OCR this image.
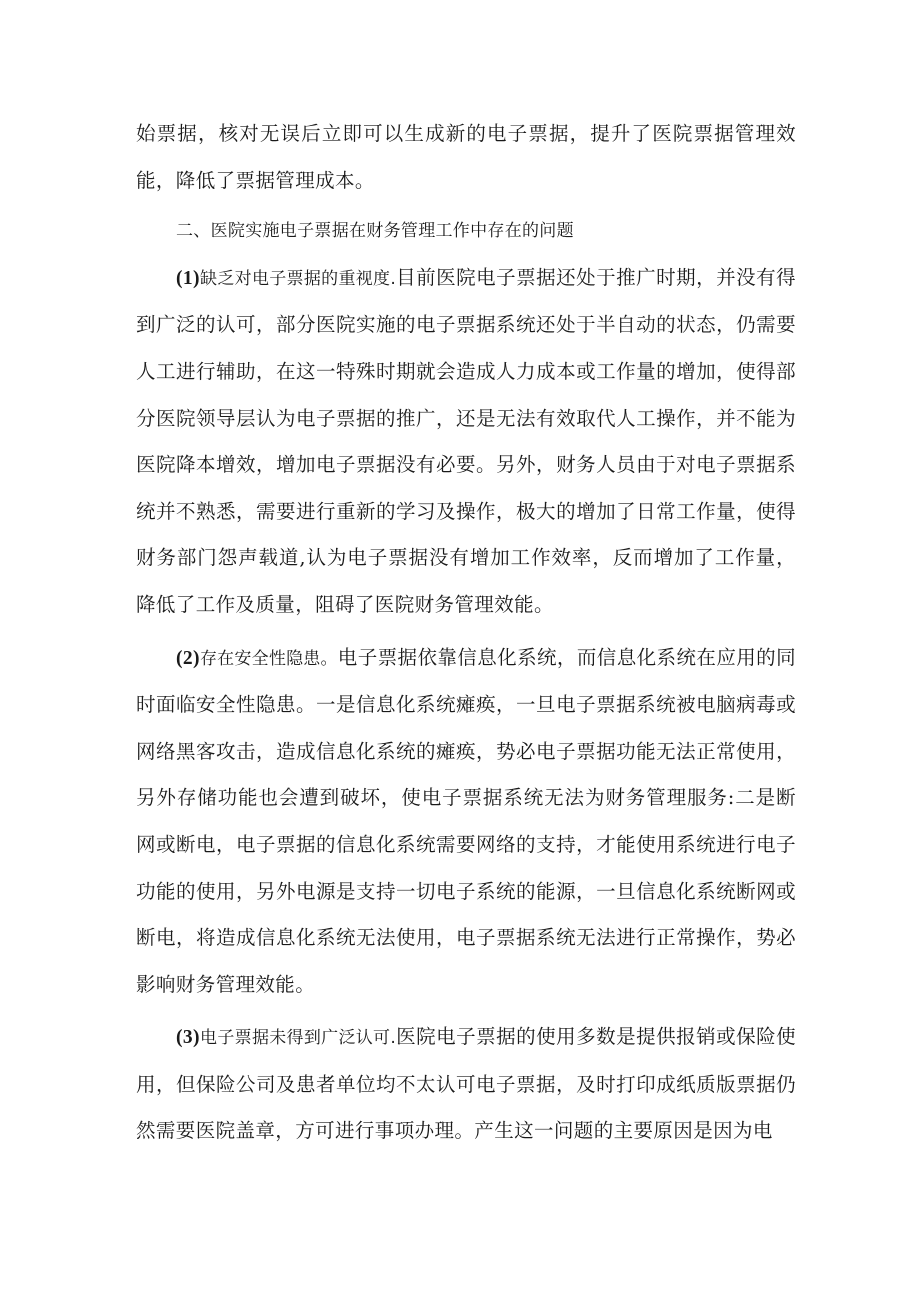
始票据，核对无误后立即可以生成新的电子票据，提升了医院票据管理效能，降低了票据管理成本。

二、医院实施电子票据在财务管理工作中存在的问题

(1)缺乏对电子票据的重视度.目前医院电子票据还处于推广时期，并没有得到广泛的认可，部分医院实施的电子票据系统还处于半自动的状态，仍需要人工进行辅助，在这一特殊时期就会造成人力成本或工作量的增加，使得部分医院领导层认为电子票据的推广，还是无法有效取代人工操作，并不能为医院降本增效，增加电子票据没有必要。另外，财务人员由于对电子票据系统并不熟悉，需要进行重新的学习及操作，极大的增加了日常工作量，使得财务部门怨声载道,认为电子票据没有增加工作效率，反而增加了工作量，降低了工作及质量，阻碍了医院财务管理效能。

(2)存在安全性隐患。电子票据依靠信息化系统，而信息化系统在应用的同时面临安全性隐患。一是信息化系统瘫痪，一旦电子票据系统被电脑病毒或网络黑客攻击，造成信息化系统的瘫痪，势必电子票据功能无法正常使用，另外存储功能也会遭到破坏，使电子票据系统无法为财务管理服务:二是断网或断电，电子票据的信息化系统需要网络的支持，才能使用系统进行电子功能的使用，另外电源是支持一切电子系统的能源，一旦信息化系统断网或断电，将造成信息化系统无法使用，电子票据系统无法进行正常操作，势必影响财务管理效能。

(3)电子票据未得到广泛认可.医院电子票据的使用多数是提供报销或保险使用，但保险公司及患者单位均不太认可电子票据，及时打印成纸质版票据仍然需要医院盖章，方可进行事项办理。产生这一问题的主要原因是因为电
